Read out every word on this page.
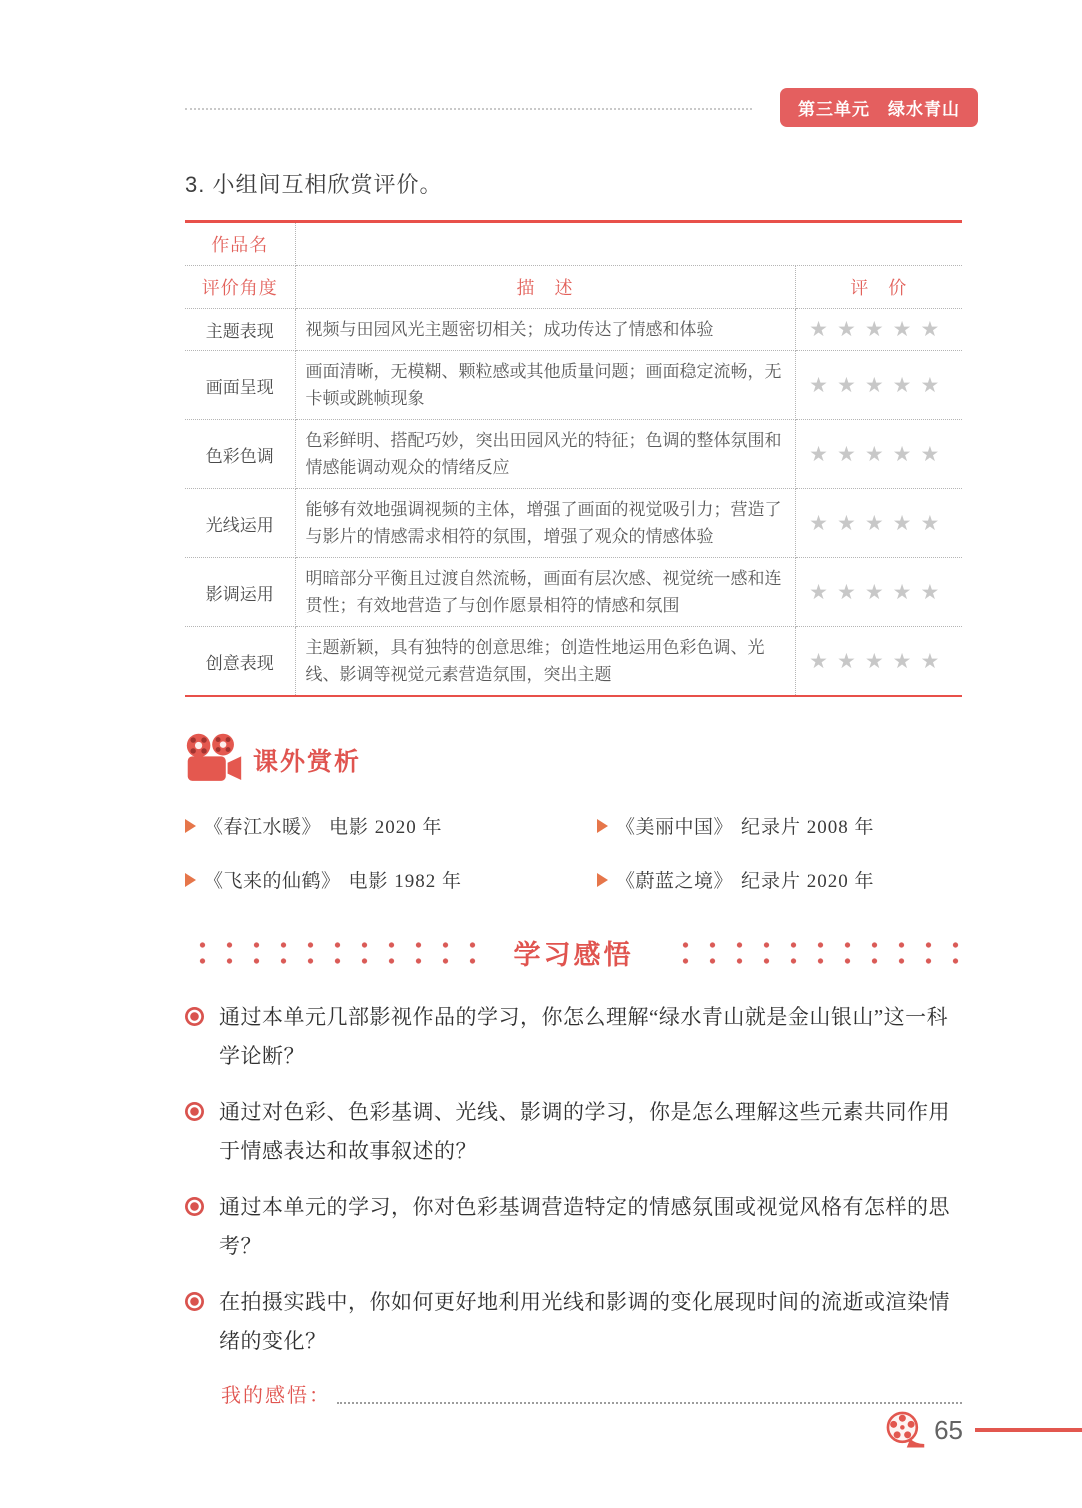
第三单元　绿水青山
3. 小组间互相欣赏评价。
作品名		
评价角度	描　述	评　价
主题表现	视频与田园风光主题密切相关；成功传达了情感和体验	★★★★★
画面呈现	画面清晰，无模糊、颗粒感或其他质量问题；画面稳定流畅，无卡顿或跳帧现象	★★★★★
色彩色调	色彩鲜明、搭配巧妙，突出田园风光的特征；色调的整体氛围和情感能调动观众的情绪反应	★★★★★
光线运用	能够有效地强调视频的主体，增强了画面的视觉吸引力；营造了与影片的情感需求相符的氛围，增强了观众的情感体验	★★★★★
影调运用	明暗部分平衡且过渡自然流畅，画面有层次感、视觉统一感和连贯性；有效地营造了与创作愿景相符的情感和氛围	★★★★★
创意表现	主题新颖，具有独特的创意思维；创造性地运用色彩色调、光线、影调等视觉元素营造氛围，突出主题	★★★★★
课外赏析
《春江水暖》 电影 2020 年	《美丽中国》 纪录片 2008 年
《飞来的仙鹤》 电影 1982 年	《蔚蓝之境》 纪录片 2020 年
学习感悟
通过本单元几部影视作品的学习，你怎么理解“绿水青山就是金山银山”这一科学论断？
通过对色彩、色彩基调、光线、影调的学习，你是怎么理解这些元素共同作用于情感表达和故事叙述的？
通过本单元的学习，你对色彩基调营造特定的情感氛围或视觉风格有怎样的思考？
在拍摄实践中，你如何更好地利用光线和影调的变化展现时间的流逝或渲染情绪的变化？
我的感悟：
65
